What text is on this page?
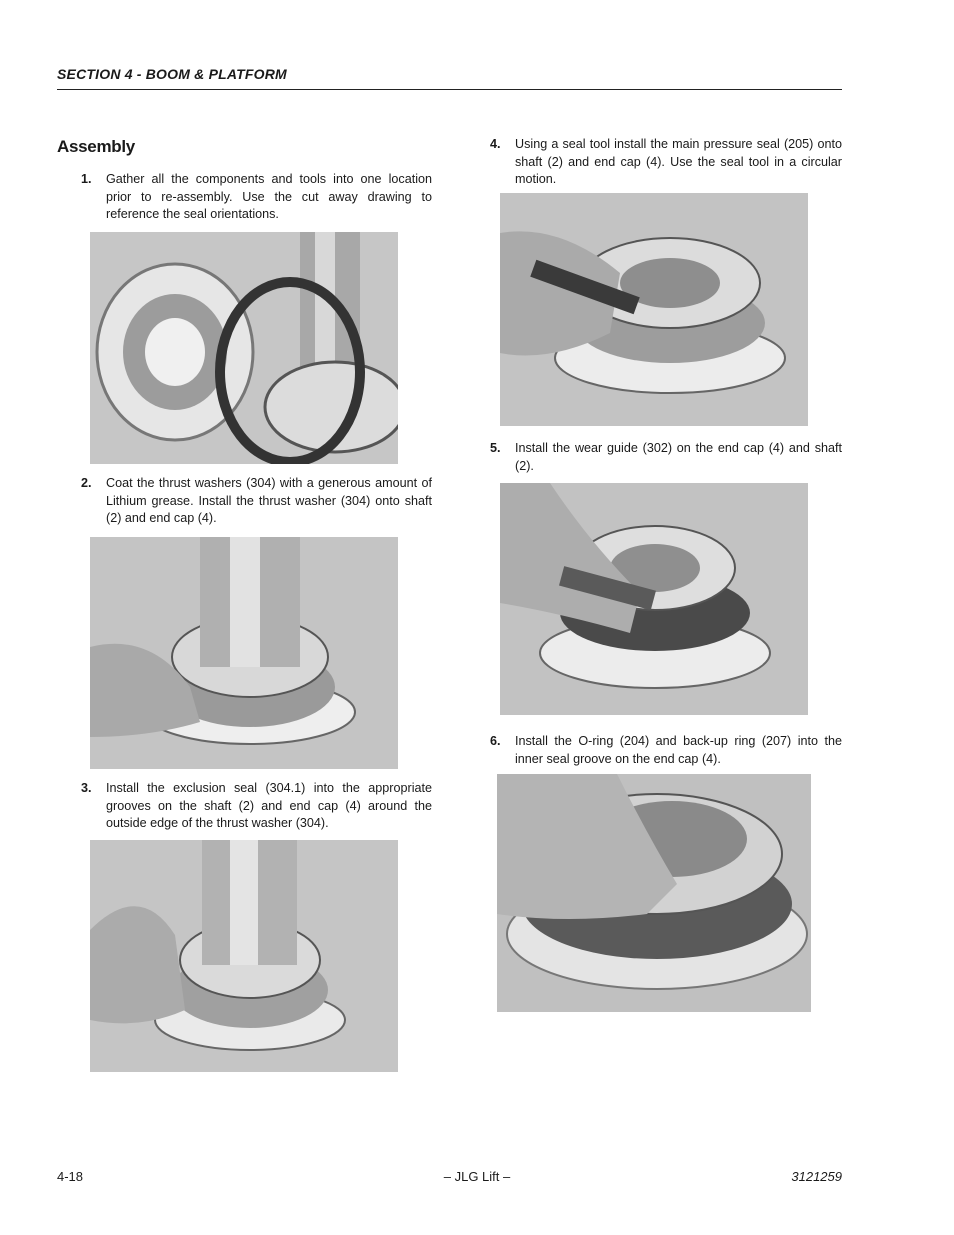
SECTION 4 - BOOM & PLATFORM
Assembly
1. Gather all the components and tools into one location prior to re-assembly. Use the cut away drawing to reference the seal orientations.
2. Coat the thrust washers (304) with a generous amount of Lithium grease. Install the thrust washer (304) onto shaft (2) and end cap (4).
3. Install the exclusion seal (304.1) into the appropriate grooves on the shaft (2) and end cap (4) around the outside edge of the thrust washer (304).
4. Using a seal tool install the main pressure seal (205) onto shaft (2) and end cap (4). Use the seal tool in a circular motion.
5. Install the wear guide (302) on the end cap (4) and shaft (2).
6. Install the O-ring (204) and back-up ring (207) into the inner seal groove on the end cap (4).
4-18	– JLG Lift –	3121259
